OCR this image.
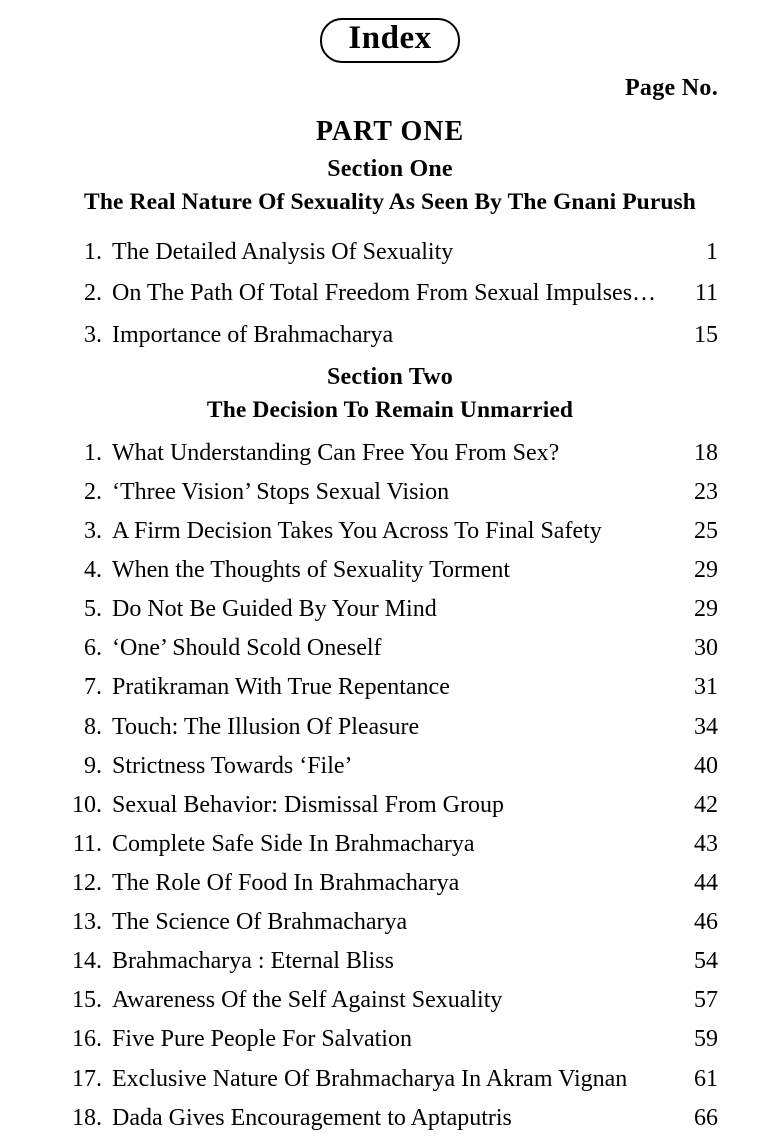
Index
Page No.
PART ONE
Section One
The Real Nature Of Sexuality As Seen By The Gnani Purush
1. The Detailed Analysis Of Sexuality	1
2. On The Path Of Total Freedom From Sexual Impulses…	11
3. Importance of Brahmacharya	15
Section Two
The Decision To Remain Unmarried
1. What Understanding Can Free You From Sex?	18
2. ‘Three Vision’ Stops Sexual Vision	23
3. A Firm Decision Takes You Across To Final Safety	25
4. When the Thoughts of Sexuality Torment	29
5. Do Not Be Guided By Your Mind	29
6. ‘One’ Should Scold Oneself	30
7. Pratikraman With True Repentance	31
8. Touch: The Illusion Of Pleasure	34
9. Strictness Towards ‘File’	40
10. Sexual Behavior: Dismissal From Group	42
11. Complete Safe Side In Brahmacharya	43
12. The Role Of Food In Brahmacharya	44
13. The Science Of Brahmacharya	46
14. Brahmacharya : Eternal Bliss	54
15. Awareness Of the Self Against Sexuality	57
16. Five Pure People For Salvation	59
17. Exclusive Nature Of Brahmacharya In Akram Vignan	61
18. Dada Gives Encouragement to Aptaputris	66
